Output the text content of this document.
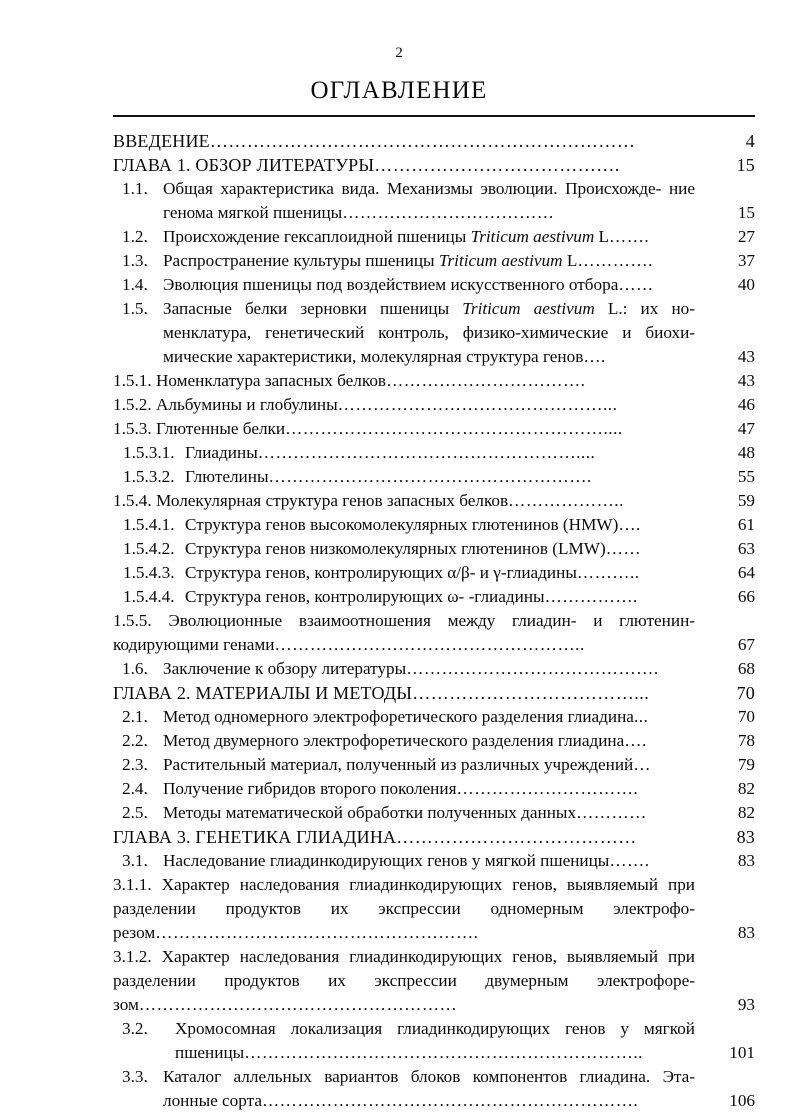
2
ОГЛАВЛЕНИЕ
ВВЕДЕНИЕ……………………………………………………………	4
ГЛАВА 1. ОБЗОР ЛИТЕРАТУРЫ………………………………….	15
1.1. Общая характеристика вида. Механизмы эволюции. Происхожде- ние генома мягкой пшеницы………………………………	15
1.2. Происхождение гексаплоидной пшеницы Triticum aestivum L…….	27
1.3. Распространение культуры пшеницы Triticum aestivum L………….	37
1.4. Эволюция пшеницы под воздействием искусственного отбора……	40
1.5. Запасные белки зерновки пшеницы Triticum aestivum L.: их но- менклатура, генетический контроль, физико-химические и биохи- мические характеристики, молекулярная структура генов….	43
1.5.1. Номенклатура запасных белков…………………………….	43
1.5.2. Альбумины и глобулины………………………………………...	46
1.5.3. Глютенные белки………………………………………………....	47
1.5.3.1. Глиадины………………………………………………....	48
1.5.3.2. Глютелины……………………………………………….	55
1.5.4. Молекулярная структура генов запасных белков………………..	59
1.5.4.1. Структура генов высокомолекулярных глютенинов (HMW)….	61
1.5.4.2. Структура генов низкомолекулярных глютенинов (LMW)……	63
1.5.4.3. Структура генов, контролирующих α/β- и γ-глиадины………..	64
1.5.4.4. Структура генов, контролирующих ω- -глиадины…………….	66
1.5.5. Эволюционные взаимоотношения между глиадин- и глютенин- кодирующими генами……………………………………………..	67
1.6. Заключение к обзору литературы…………………………………….	68
ГЛАВА 2. МАТЕРИАЛЫ И МЕТОДЫ………………………………...	70
2.1. Метод одномерного электрофоретического разделения глиадина...	70
2.2. Метод двумерного электрофоретического разделения глиадина….	78
2.3. Растительный материал, полученный из различных учреждений…	79
2.4. Получение гибридов второго поколения………………………….	82
2.5. Методы математической обработки полученных данных…………	82
ГЛАВА 3. ГЕНЕТИКА ГЛИАДИНА…………………………………	83
3.1. Наследование глиадинкодирующих генов у мягкой пшеницы…….	83
3.1.1. Характер наследования глиадинкодирующих генов, выявляемый при разделении продуктов их экспрессии одномерным электрофо- резом……………………………………………….	83
3.1.2. Характер наследования глиадинкодирующих генов, выявляемый при разделении продуктов их экспрессии двумерным электрофоре- зом………………………………………………	93
3.2. Хромосомная локализация глиадинкодирующих генов у мягкой пшеницы…………………………………………………………..	101
3.3. Каталог аллельных вариантов блоков компонентов глиадина. Эта- лонные сорта……………………………………………………….	106
